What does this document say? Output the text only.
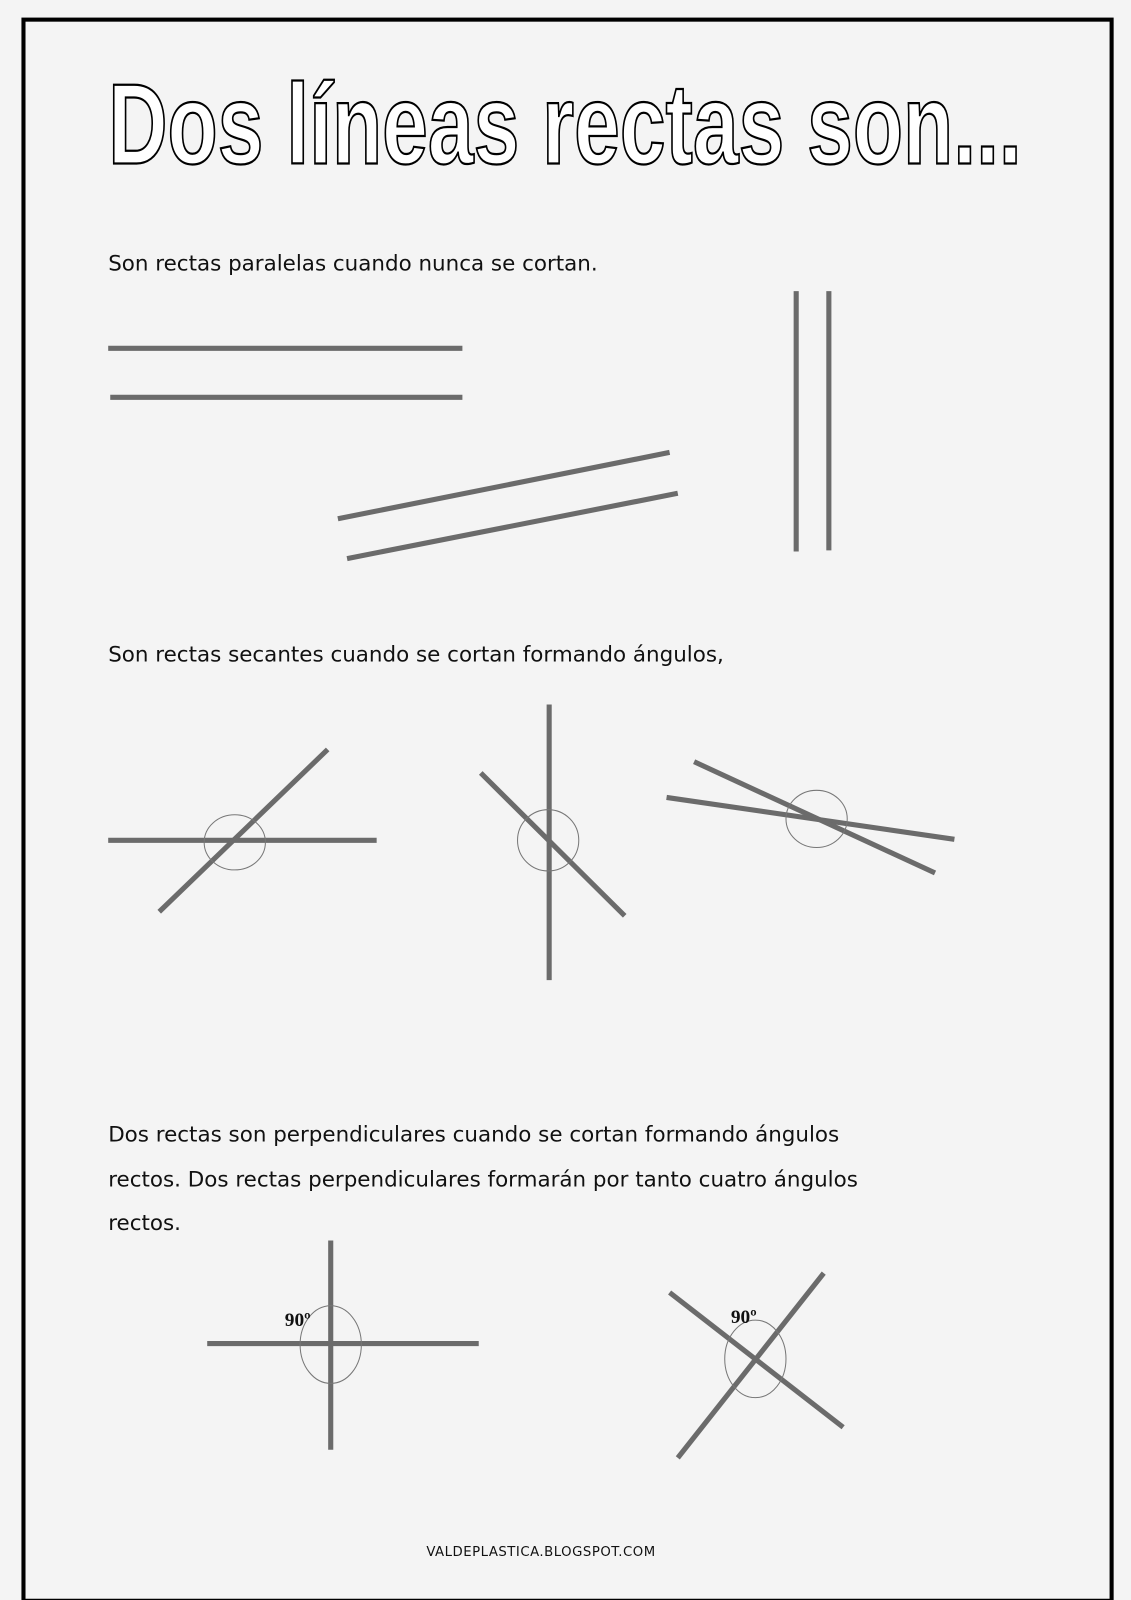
Dos líneas rectas son...
Son rectas paralelas cuando nunca se cortan.
Son rectas secantes cuando se cortan formando ángulos,
Dos rectas son perpendiculares cuando se cortan formando ángulos
rectos. Dos rectas perpendiculares formarán por tanto cuatro ángulos
rectos.
90º	90º
VALDEPLASTICA.BLOGSPOT.COM
